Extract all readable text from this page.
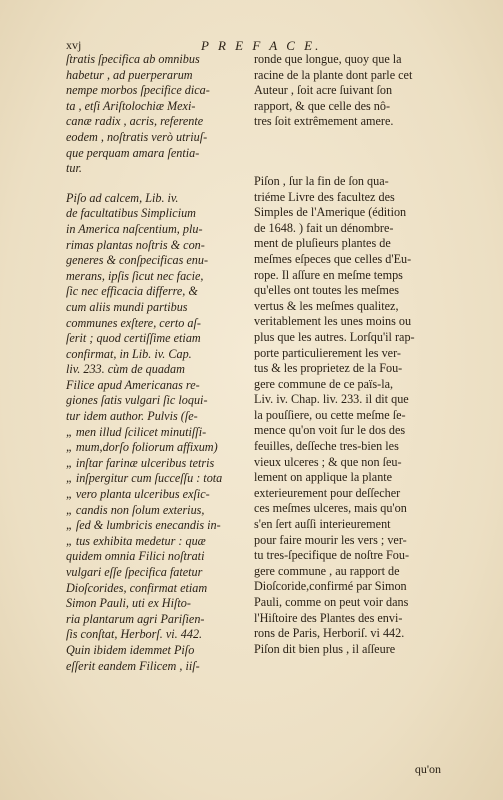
xvj	P R E F A C E.
ſtratis ſpecifica ab omnibus
habetur , ad puerperarum
nempe morbos ſpecifice dica-
ta , etſi Ariſtolochiæ Mexi-
canæ radix , acris, referente
eodem , noſtratis verò utriuſ-
que perquam amara ſentia-
tur.
Piſo ad calcem, Lib. iv.
de facultatibus Simplicium
in America naſcentium, plu-
rimas plantas noſtris & con-
generes & conſpecificas enu-
merans, ipſis ſicut nec facie,
ſic nec efficacia differre, &
cum aliis mundi partibus
communes exſtere, certo aſ-
ſerit ; quod certiſſime etiam
confirmat, in Lib. iv. Cap.
liv. 233. cùm de quadam
Filice apud Americanas re-
giones ſatis vulgari ſic loqui-
tur idem author. Pulvis (ſe-
„ men illud ſcilicet minutiſſi-
„ mum,dorſo foliorum affixum)
„ inſtar farinæ ulceribus tetris
„ inſpergitur cum ſucceſſu : tota
„ vero planta ulceribus exſic-
„ candis non ſolum exterius,
„ ſed & lumbricis enecandis in-
„ tus exhibita medetur : quæ
quidem omnia Filici noſtrati
vulgari eſſe ſpecifica fatetur
Dioſcorides, confirmat etiam
Simon Pauli, uti ex Hiſto-
ria plantarum agri Pariſien-
ſis conſtat, Herborſ. vi. 442.
Quin ibidem idemmet Piſo
eſſerit eandem Filicem , iiſ-
ronde que longue, quoy que la
racine de la plante dont parle cet
Auteur , ſoit acre ſuivant ſon
rapport, & que celle des nô-
tres ſoit extrêmement amere.
Piſon , ſur la fin de ſon qua-
triéme Livre des facultez des
Simples de l'Amerique (édition
de 1648. ) fait un dénombre-
ment de pluſieurs plantes de
meſmes eſpeces que celles d'Eu-
rope. Il aſſure en meſme temps
qu'elles ont toutes les meſmes
vertus & les meſmes qualitez,
veritablement les unes moins ou
plus que les autres. Lorſqu'il rap-
porte particulierement les ver-
tus & les proprietez de la Fou-
gere commune de ce païs-la,
Liv. iv. Chap. liv. 233. il dit que
la pouſſiere, ou cette meſme ſe-
mence qu'on voit ſur le dos des
feuilles, deſſeche tres-bien les
vieux ulceres ; & que non ſeu-
lement on applique la plante
exterieurement pour deſſecher
ces meſmes ulceres, mais qu'on
s'en ſert auſſi interieurement
pour faire mourir les vers ; ver-
tu tres-ſpecifique de noſtre Fou-
gere commune , au rapport de
Dioſcoride,confirmé par Simon
Pauli, comme on peut voir dans
l'Hiſtoire des Plantes des envi-
rons de Paris, Herboriſ. vi 442.
Piſon dit bien plus , il aſſeure
qu'on
